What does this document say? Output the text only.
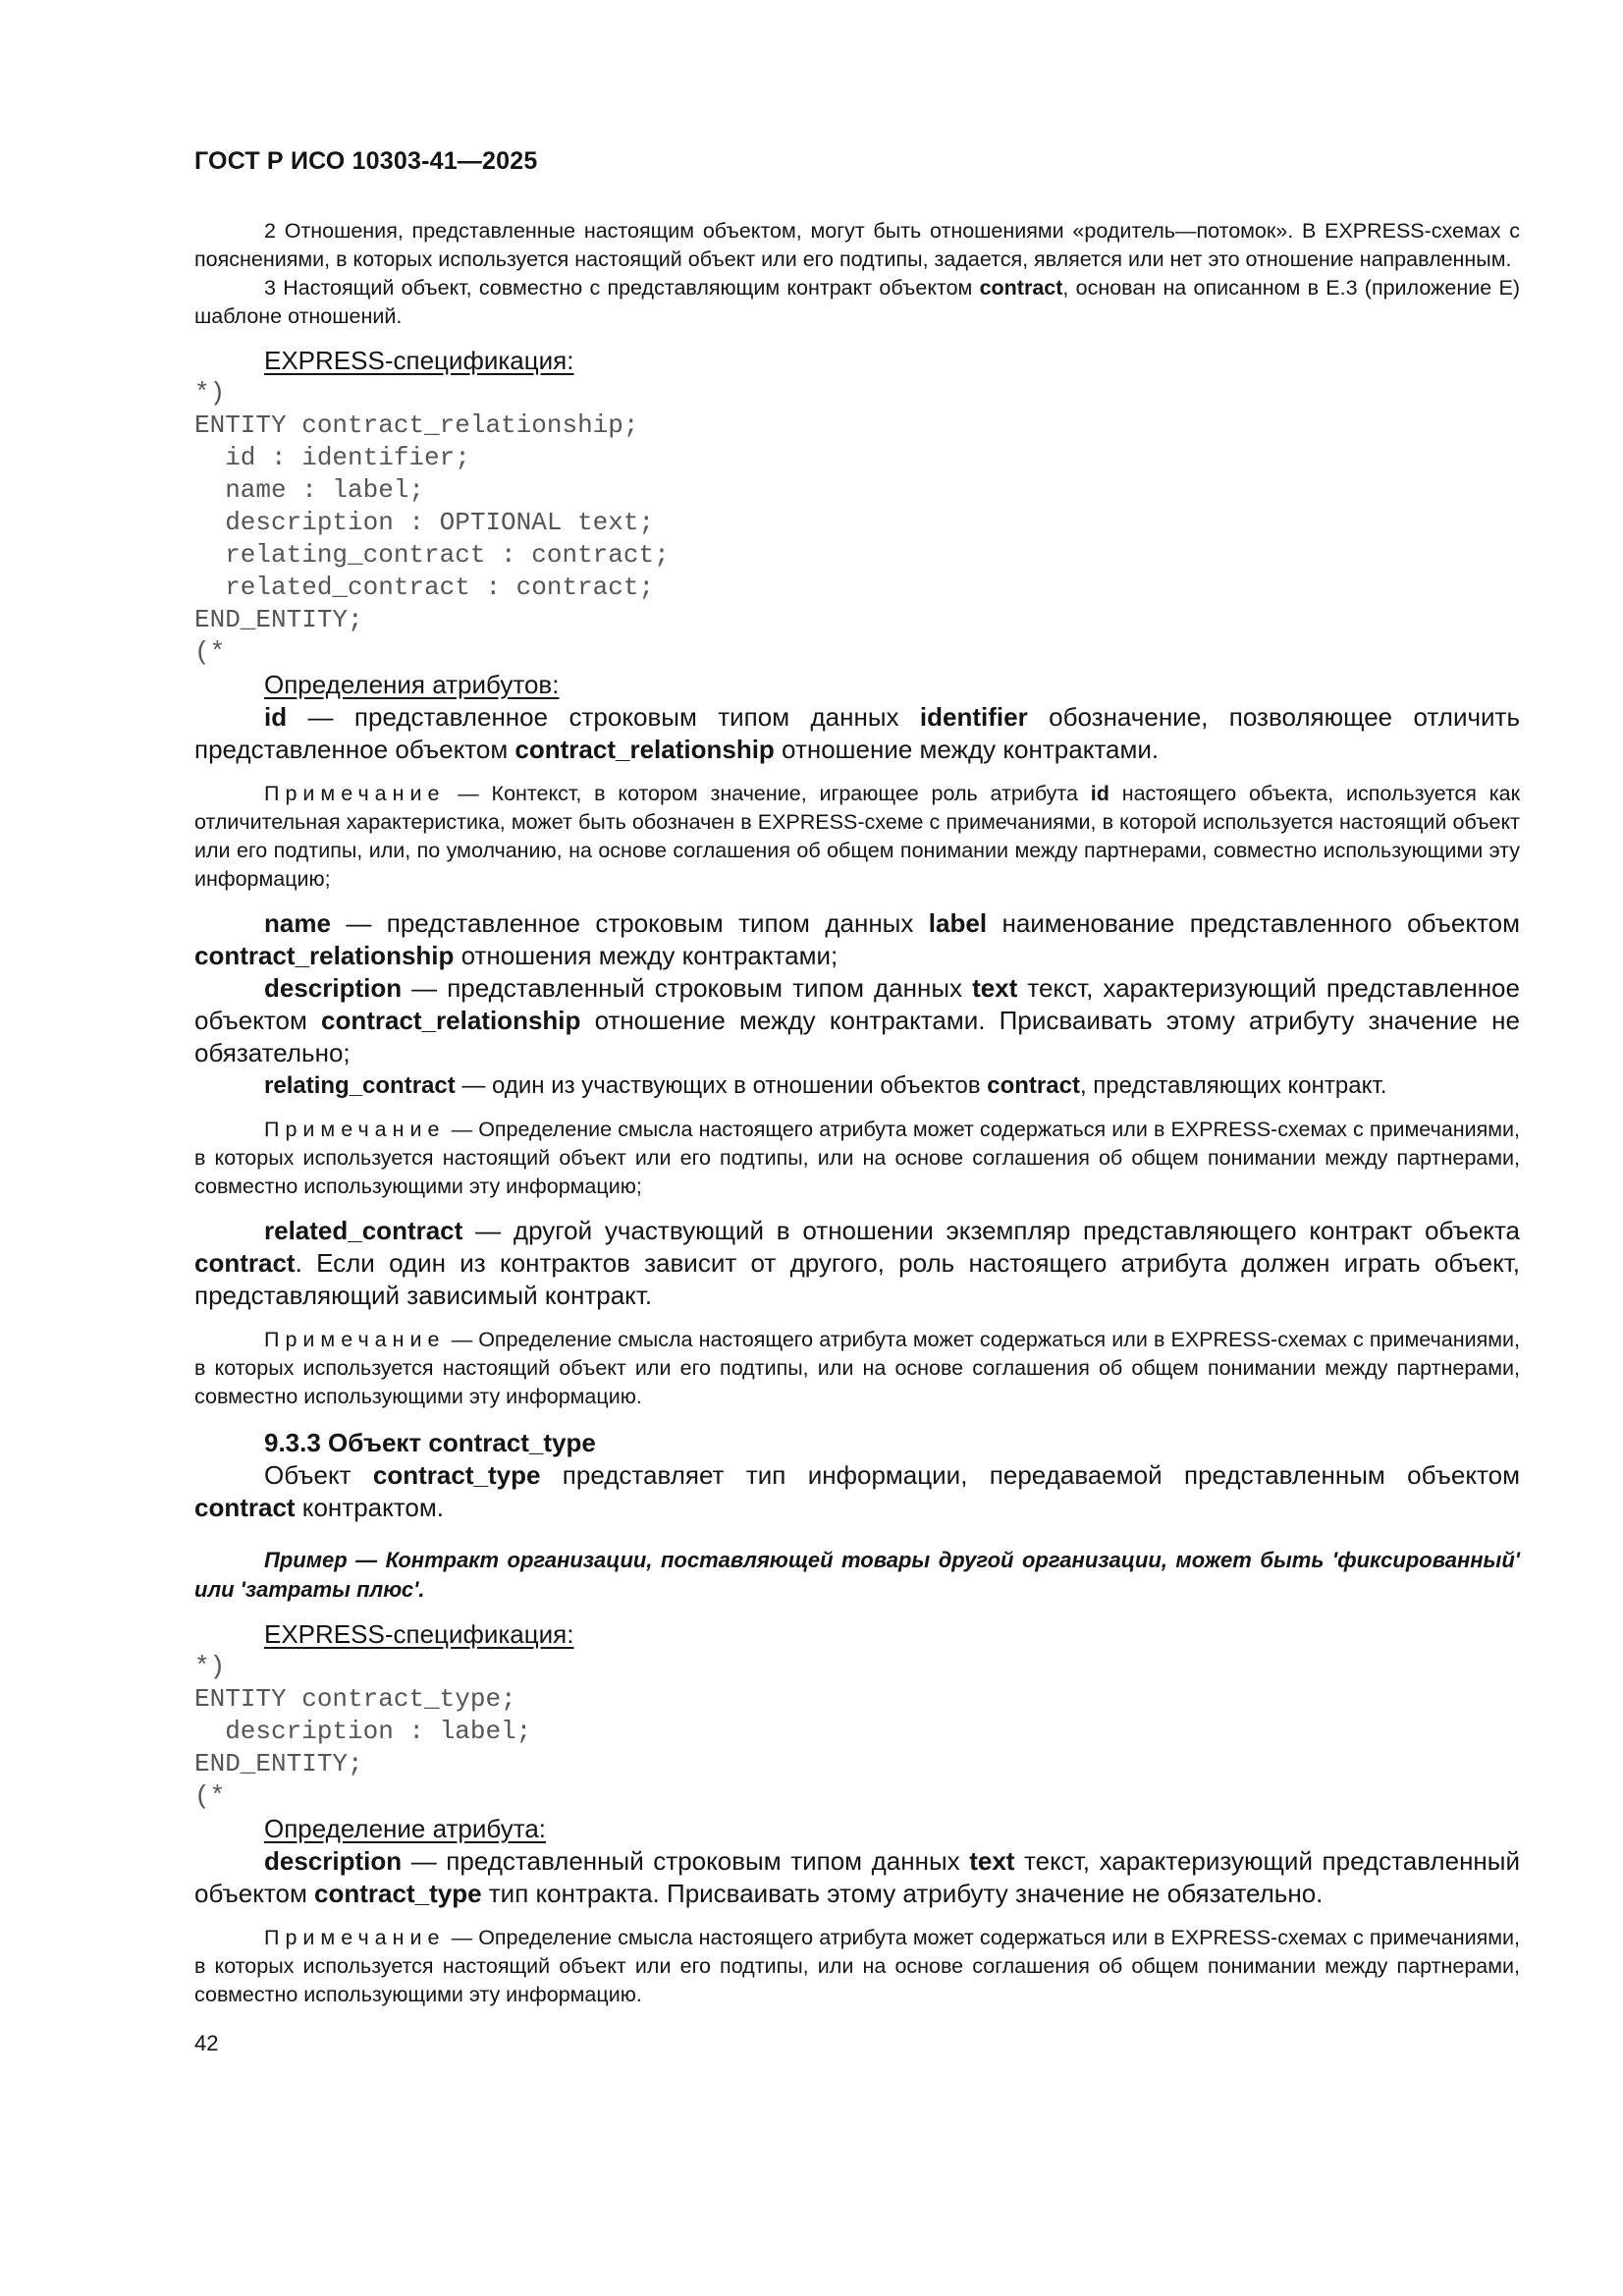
ГОСТ Р ИСО 10303-41—2025

2 Отношения, представленные настоящим объектом, могут быть отношениями «родитель—потомок». В EXPRESS-схемах с пояснениями, в которых используется настоящий объект или его подтипы, задается, является или нет это отношение направленным.

3 Настоящий объект, совместно с представляющим контракт объектом contract, основан на описанном в Е.3 (приложение Е) шаблоне отношений.

EXPRESS-спецификация:

*)
ENTITY contract_relationship;
id : identifier;
name : label;
description : OPTIONAL text;
relating_contract : contract;
related_contract : contract;
END_ENTITY;
(*

Определения атрибутов:

id — представленное строковым типом данных identifier обозначение, позволяющее отличить представленное объектом contract_relationship отношение между контрактами.

Примечание — Контекст, в котором значение, играющее роль атрибута id настоящего объекта, используется как отличительная характеристика, может быть обозначен в EXPRESS-схеме с примечаниями, в которой используется настоящий объект или его подтипы, или, по умолчанию, на основе соглашения об общем понимании между партнерами, совместно использующими эту информацию;

name — представленное строковым типом данных label наименование представленного объектом contract_relationship отношения между контрактами;

description — представленный строковым типом данных text текст, характеризующий представленное объектом contract_relationship отношение между контрактами. Присваивать этому атрибуту значение не обязательно;

relating_contract — один из участвующих в отношении объектов contract, представляющих контракт.

Примечание — Определение смысла настоящего атрибута может содержаться или в EXPRESS-схемах с примечаниями, в которых используется настоящий объект или его подтипы, или на основе соглашения об общем понимании между партнерами, совместно использующими эту информацию;

related_contract — другой участвующий в отношении экземпляр представляющего контракт объекта contract. Если один из контрактов зависит от другого, роль настоящего атрибута должен играть объект, представляющий зависимый контракт.

Примечание — Определение смысла настоящего атрибута может содержаться или в EXPRESS-схемах с примечаниями, в которых используется настоящий объект или его подтипы, или на основе соглашения об общем понимании между партнерами, совместно использующими эту информацию.

9.3.3 Объект contract_type

Объект contract_type представляет тип информации, передаваемой представленным объектом contract контрактом.

Пример — Контракт организации, поставляющей товары другой организации, может быть 'фиксированный' или 'затраты плюс'.

EXPRESS-спецификация:

*)
ENTITY contract_type;
description : label;
END_ENTITY;
(*

Определение атрибута:

description — представленный строковым типом данных text текст, характеризующий представленный объектом contract_type тип контракта. Присваивать этому атрибуту значение не обязательно.

Примечание — Определение смысла настоящего атрибута может содержаться или в EXPRESS-схемах с примечаниями, в которых используется настоящий объект или его подтипы, или на основе соглашения об общем понимании между партнерами, совместно использующими эту информацию.

42
